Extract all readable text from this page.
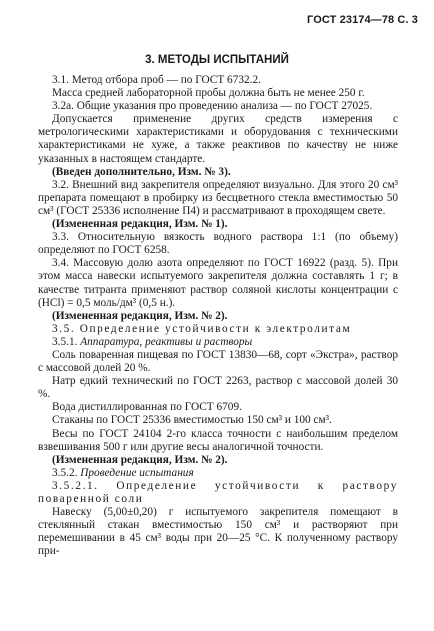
ГОСТ 23174—78 С. 3
3. МЕТОДЫ ИСПЫТАНИЙ

3.1. Метод отбора проб — по ГОСТ 6732.2.

Масса средней лабораторной пробы должна быть не менее 250 г.

3.2а. Общие указания про проведению анализа — по ГОСТ 27025.

Допускается применение других средств измерения с метрологическими характеристиками и оборудования с техническими характеристиками не хуже, а также реактивов по качеству не ниже указанных в настоящем стандарте.

(Введен дополнительно, Изм. № 3).

3.2. Внешний вид закрепителя определяют визуально. Для этого 20 см³ препарата помещают в пробирку из бесцветного стекла вместимостью 50 см³ (ГОСТ 25336 исполнение П4) и рассматривают в проходящем свете.

(Измененная редакция, Изм. № 1).

3.3. Относительную вязкость водного раствора 1:1 (по объему) определяют по ГОСТ 6258.

3.4. Массовую долю азота определяют по ГОСТ 16922 (разд. 5). При этом масса навески испытуемого закрепителя должна составлять 1 г; в качестве титранта применяют раствор соляной кислоты концентрации c (HCl) = 0,5 моль/дм³ (0,5 н.).

(Измененная редакция, Изм. № 2).

3.5. Определение устойчивости к электролитам

3.5.1. Аппаратура, реактивы и растворы

Соль поваренная пищевая по ГОСТ 13830—68, сорт «Экстра», раствор с массовой долей 20 %.

Натр едкий технический по ГОСТ 2263, раствор с массовой долей 30 %.

Вода дистиллированная по ГОСТ 6709.

Стаканы по ГОСТ 25336 вместимостью 150 см³ и 100 см³.

Весы по ГОСТ 24104 2-го класса точности с наибольшим пределом взвешивания 500 г или другие весы аналогичной точности.

(Измененная редакция, Изм. № 2).

3.5.2. Проведение испытания

3.5.2.1. Определение устойчивости к раствору поваренной соли

Навеску (5,00±0,20) г испытуемого закрепителя помещают в стеклянный стакан вместимостью 150 см³ и растворяют при перемешивании в 45 см³ воды при 20—25 °C. К полученному раствору при-
